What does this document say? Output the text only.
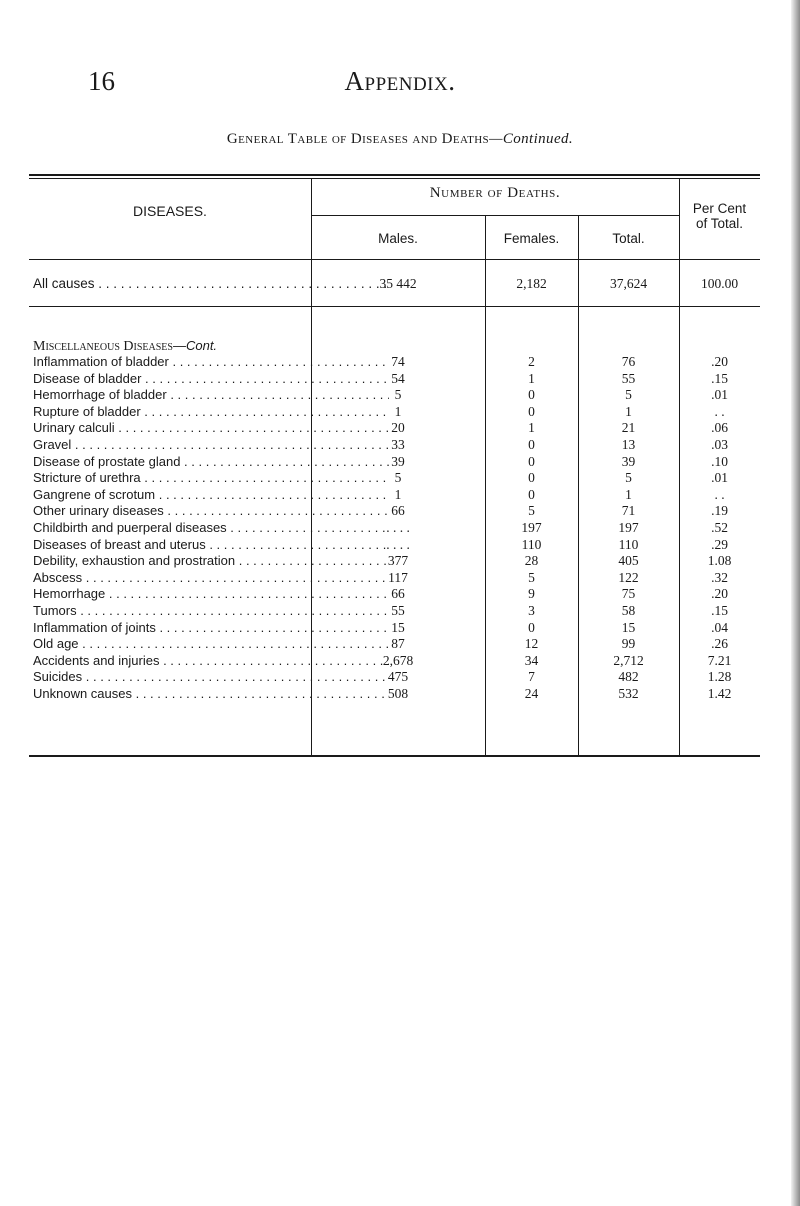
16	Appendix.
General Table of Diseases and Deaths—Continued.
DISEASES.
Number of Deaths.
Males.	Females.	Total.
Per Cent
of Total.
All causes . . .	35 442	2,182	37,624	100.00
Miscellaneous Diseases—Cont.
Inflammation of bladder . . .	74	2	76	.20
Disease of bladder . . .	54	1	55	.15
Hemorrhage of bladder . . .	5	0	5	.01
Rupture of bladder . . .	1	0	1	. .
Urinary calculi . . .	20	1	21	.06
Gravel . . .	33	0	13	.03
Disease of prostate gland . . .	39	0	39	.10
Stricture of urethra . . .	5	0	5	.01
Gangrene of scrotum . . .	1	0	1	. .
Other urinary diseases . . .	66	5	71	.19
Childbirth and puerperal diseases . . .	. . . .	197	197	.52
Diseases of breast and uterus . . .	. . . .	110	110	.29
Debility, exhaustion and prostration . . .	377	28	405	1.08
Abscess . . .	117	5	122	.32
Hemorrhage . . .	66	9	75	.20
Tumors . . .	55	3	58	.15
Inflammation of joints . . .	15	0	15	.04
Old age . . .	87	12	99	.26
Accidents and injuries . . .	2,678	34	2,712	7.21
Suicides . . .	475	7	482	1.28
Unknown causes . . .	508	24	532	1.42
